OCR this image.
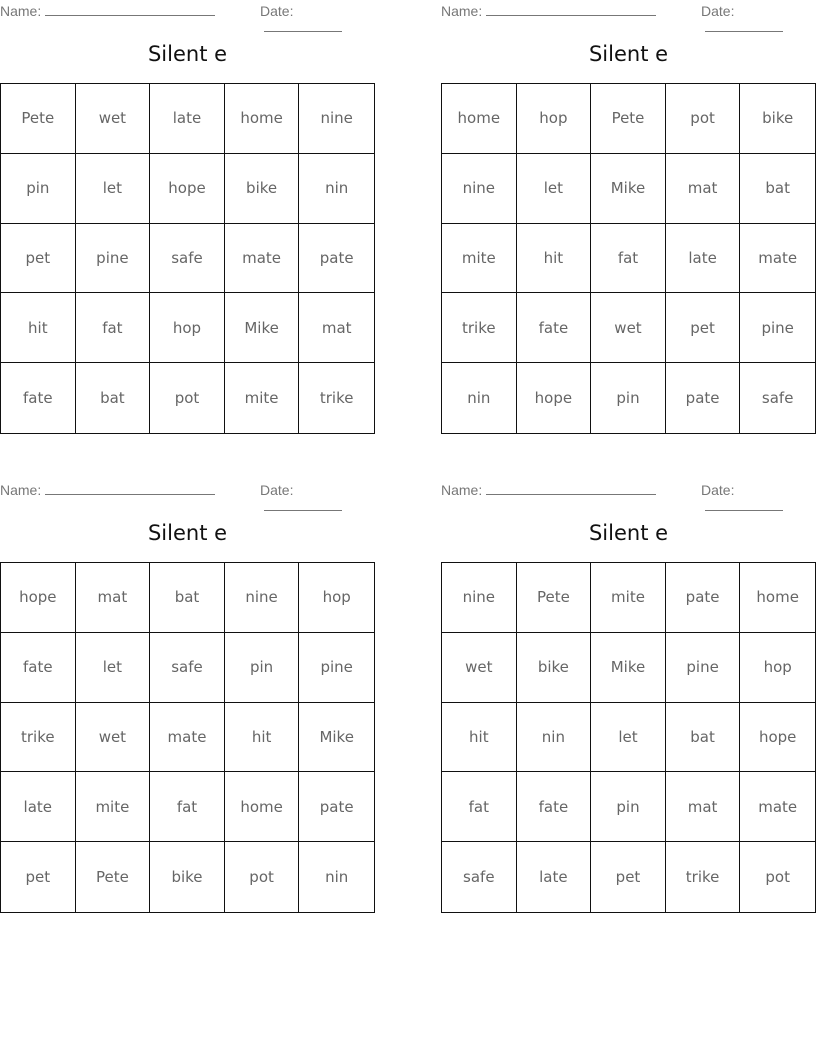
Name:	Date:
Silent e
Pete	wet	late	home	nine
pin	let	hope	bike	nin
pet	pine	safe	mate	pate
hit	fat	hop	Mike	mat
fate	bat	pot	mite	trike
Name:	Date:
Silent e
home	hop	Pete	pot	bike
nine	let	Mike	mat	bat
mite	hit	fat	late	mate
trike	fate	wet	pet	pine
nin	hope	pin	pate	safe
Name:	Date:
Silent e
hope	mat	bat	nine	hop
fate	let	safe	pin	pine
trike	wet	mate	hit	Mike
late	mite	fat	home	pate
pet	Pete	bike	pot	nin
Name:	Date:
Silent e
nine	Pete	mite	pate	home
wet	bike	Mike	pine	hop
hit	nin	let	bat	hope
fat	fate	pin	mat	mate
safe	late	pet	trike	pot
